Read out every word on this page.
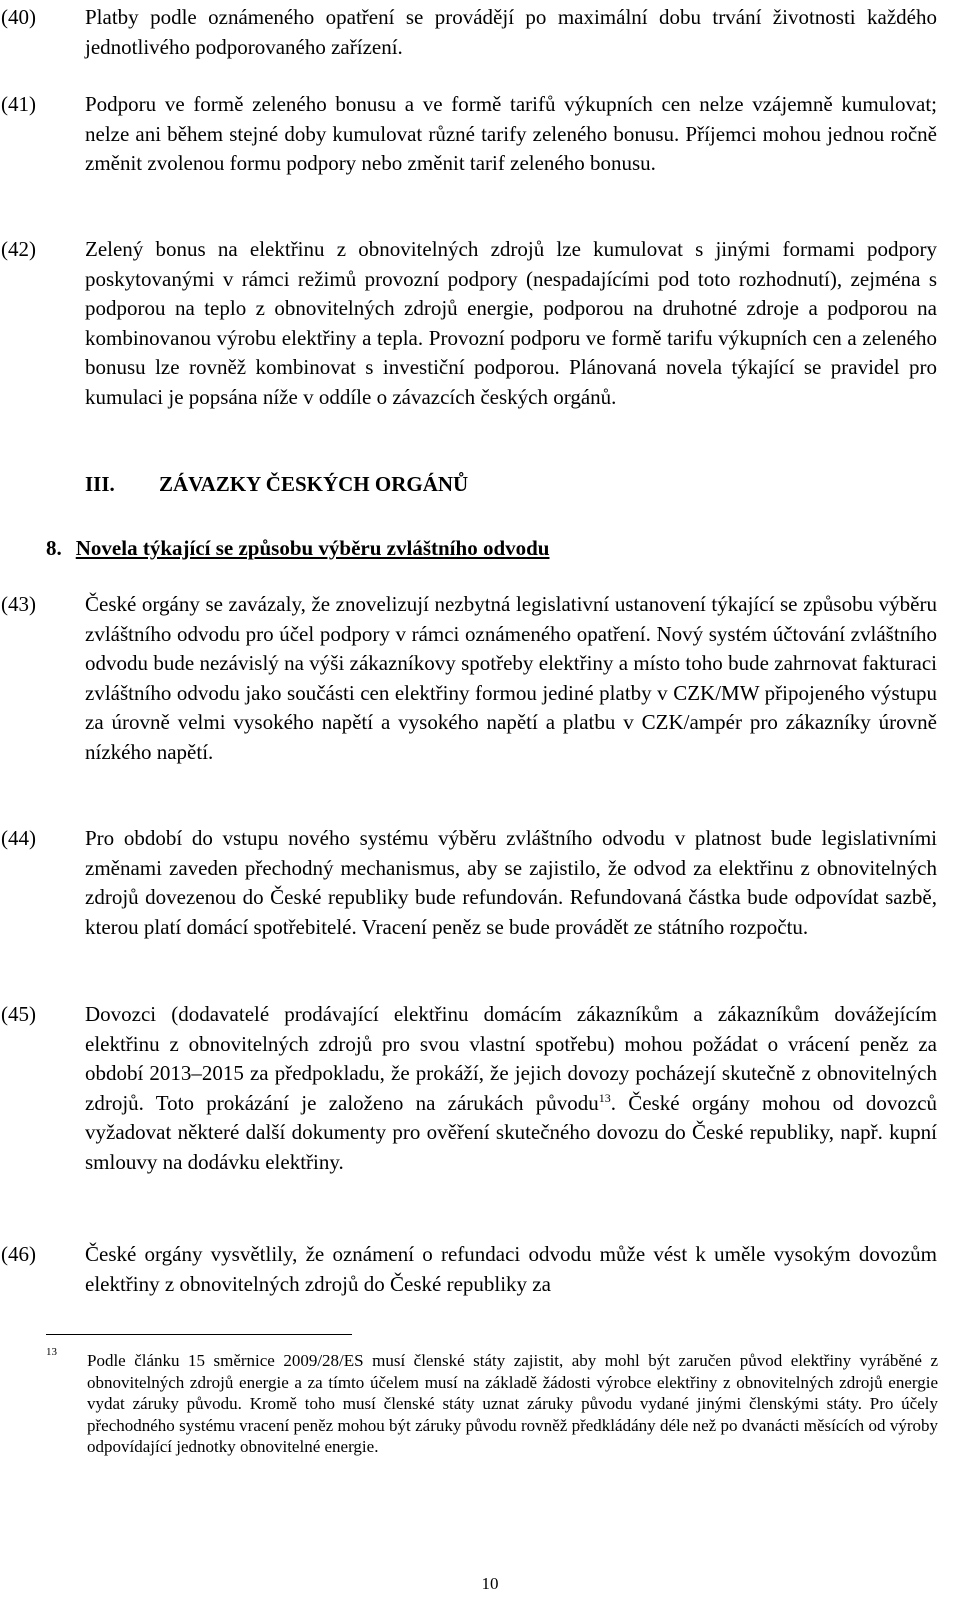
(40) Platby podle oznámeného opatření se provádějí po maximální dobu trvání životnosti každého jednotlivého podporovaného zařízení.
(41) Podporu ve formě zeleného bonusu a ve formě tarifů výkupních cen nelze vzájemně kumulovat; nelze ani během stejné doby kumulovat různé tarify zeleného bonusu. Příjemci mohou jednou ročně změnit zvolenou formu podpory nebo změnit tarif zeleného bonusu.
(42) Zelený bonus na elektřinu z obnovitelných zdrojů lze kumulovat s jinými formami podpory poskytovanými v rámci režimů provozní podpory (nespadajícími pod toto rozhodnutí), zejména s podporou na teplo z obnovitelných zdrojů energie, podporou na druhotné zdroje a podporou na kombinovanou výrobu elektřiny a tepla. Provozní podporu ve formě tarifu výkupních cen a zeleného bonusu lze rovněž kombinovat s investiční podporou. Plánovaná novela týkající se pravidel pro kumulaci je popsána níže v oddíle o závazcích českých orgánů.
III. ZÁVAZKY ČESKÝCH ORGÁNŮ
8. Novela týkající se způsobu výběru zvláštního odvodu
(43) České orgány se zavázaly, že znovelizují nezbytná legislativní ustanovení týkající se způsobu výběru zvláštního odvodu pro účel podpory v rámci oznámeného opatření. Nový systém účtování zvláštního odvodu bude nezávislý na výši zákazníkovy spotřeby elektřiny a místo toho bude zahrnovat fakturaci zvláštního odvodu jako součásti cen elektřiny formou jediné platby v CZK/MW připojeného výstupu za úrovně velmi vysokého napětí a vysokého napětí a platbu v CZK/ampér pro zákazníky úrovně nízkého napětí.
(44) Pro období do vstupu nového systému výběru zvláštního odvodu v platnost bude legislativními změnami zaveden přechodný mechanismus, aby se zajistilo, že odvod za elektřinu z obnovitelných zdrojů dovezenou do České republiky bude refundován. Refundovaná částka bude odpovídat sazbě, kterou platí domácí spotřebitelé. Vracení peněz se bude provádět ze státního rozpočtu.
(45) Dovozci (dodavatelé prodávající elektřinu domácím zákazníkům a zákazníkům dovážejícím elektřinu z obnovitelných zdrojů pro svou vlastní spotřebu) mohou požádat o vrácení peněz za období 2013–2015 za předpokladu, že prokáží, že jejich dovozy pocházejí skutečně z obnovitelných zdrojů. Toto prokázání je založeno na zárukách původu$^{13}$. České orgány mohou od dovozců vyžadovat některé další dokumenty pro ověření skutečného dovozu do České republiky, např. kupní smlouvy na dodávku elektřiny.
(46) České orgány vysvětlily, že oznámení o refundaci odvodu může vést k uměle vysokým dovozům elektřiny z obnovitelných zdrojů do České republiky za
13 Podle článku 15 směrnice 2009/28/ES musí členské státy zajistit, aby mohl být zaručen původ elektřiny vyráběné z obnovitelných zdrojů energie a za tímto účelem musí na základě žádosti výrobce elektřiny z obnovitelných zdrojů energie vydat záruky původu. Kromě toho musí členské státy uznat záruky původu vydané jinými členskými státy. Pro účely přechodného systému vracení peněz mohou být záruky původu rovněž předkládány déle než po dvanácti měsících od výroby odpovídající jednotky obnovitelné energie.
10
